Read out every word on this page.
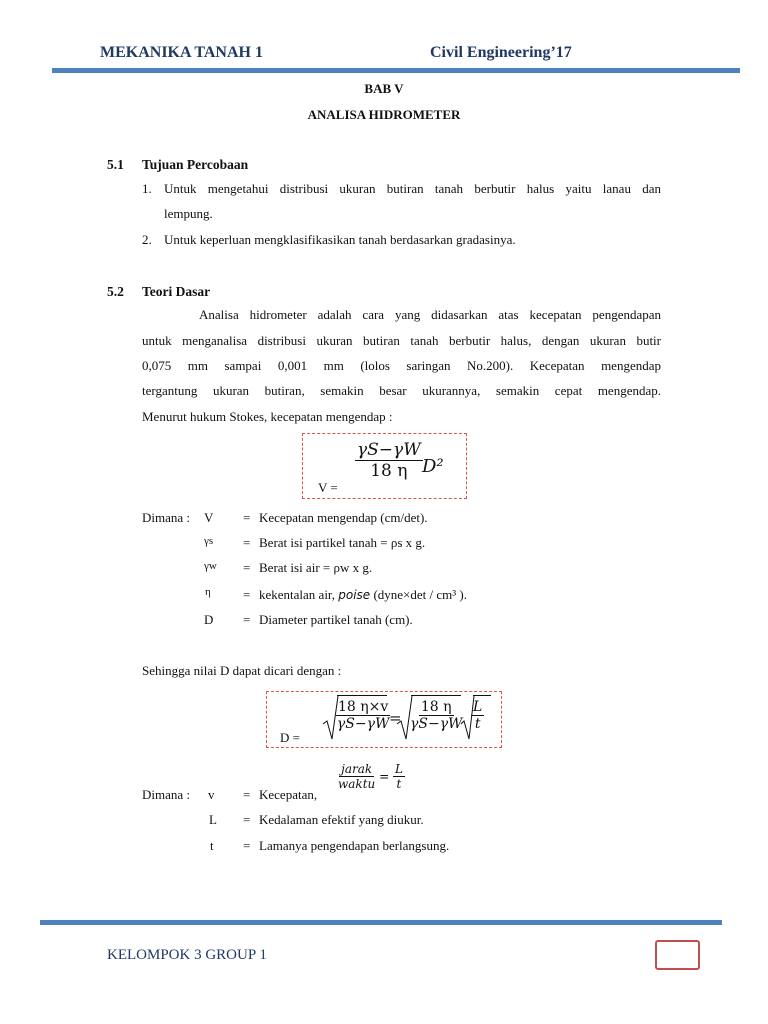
MEKANIKA TANAH 1	Civil Engineering’17
BAB V
ANALISA HIDROMETER
5.1 Tujuan Percobaan
1. Untuk mengetahui distribusi ukuran butiran tanah berbutir halus yaitu lanau dan
lempung.
2. Untuk keperluan mengklasifikasikan tanah berdasarkan gradasinya.
5.2 Teori Dasar
Analisa hidrometer adalah cara yang didasarkan atas kecepatan pengendapan
untuk menganalisa distribusi ukuran butiran tanah berbutir halus, dengan ukuran butir
0,075 mm sampai 0,001 mm (lolos saringan No.200). Kecepatan mengendap
tergantung ukuran butiran, semakin besar ukurannya, semakin cepat mengendap.
Menurut hukum Stokes, kecepatan mengendap :
V =
$\frac{\gamma S-\gamma W}{18 \eta} D^2$
Dimana : V = Kecepatan mengendap (cm/det).
γs = Berat isi partikel tanah = ρs x g.
γw = Berat isi air = ρw x g.
η = kekentalan air, poise (dyne×det / cm³ ).
D = Diameter partikel tanah (cm).
Sehingga nilai D dapat dicari dengan :
D =
$\frac{18 \eta\times v}{\gamma S-\gamma W}$
= $\frac{18 \eta}{\gamma S-\gamma W} \frac{L}{t}$
Dimana : v = Kecepatan,
$\frac{\text{jarak}}{\text{waktu}} = \frac{L}{t}$
L = Kedalaman efektif yang diukur.
t = Lamanya pengendapan berlangsung.
KELOMPOK 3 GROUP 1
